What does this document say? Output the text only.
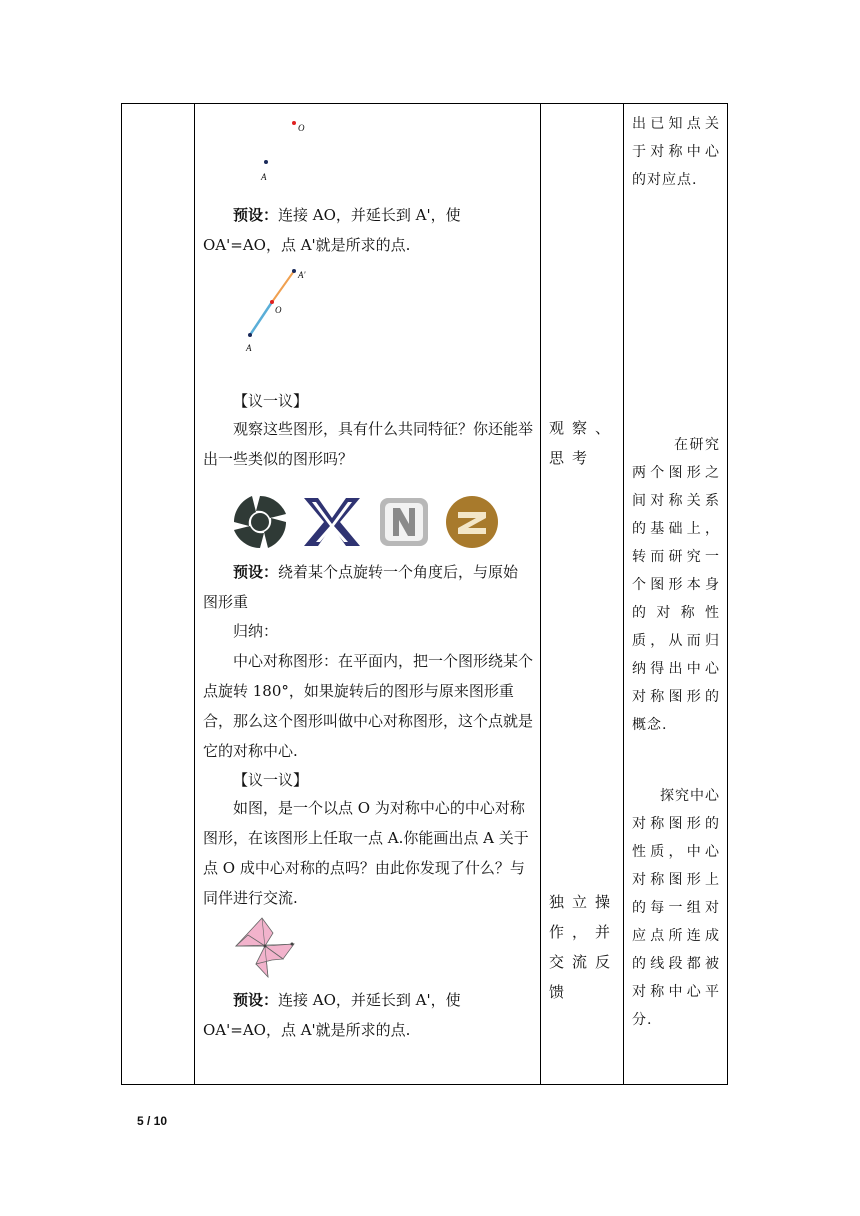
O
A
预设：连接 AO，并延长到 A'，使 OA'=AO，点 A'就是所求的点.
A'
O
A
【议一议】
观察这些图形，具有什么共同特征？你还能举出一些类似的图形吗？
预设：绕着某个点旋转一个角度后，与原始图形重
归纳：
中心对称图形：在平面内，把一个图形绕某个点旋转 180°，如果旋转后的图形与原来图形重合，那么这个图形叫做中心对称图形，这个点就是它的对称中心.
【议一议】
如图，是一个以点 O 为对称中心的中心对称图形，在该图形上任取一点 A.你能画出点 A 关于点 O 成中心对称的点吗？由此你发现了什么？与同伴进行交流.
预设：连接 AO，并延长到 A'，使 OA'=AO，点 A'就是所求的点.
观察、思考
独立操作，并交流反馈
出已知点关于对称中心的对应点.
在研究两个图形之间对称关系的基础上，转而研究一个图形本身的对称性质，从而归纳得出中心对称图形的概念.
探究中心对称图形的性质，中心对称图形上的每一组对应点所连成的线段都被对称中心平分.
5 / 10
